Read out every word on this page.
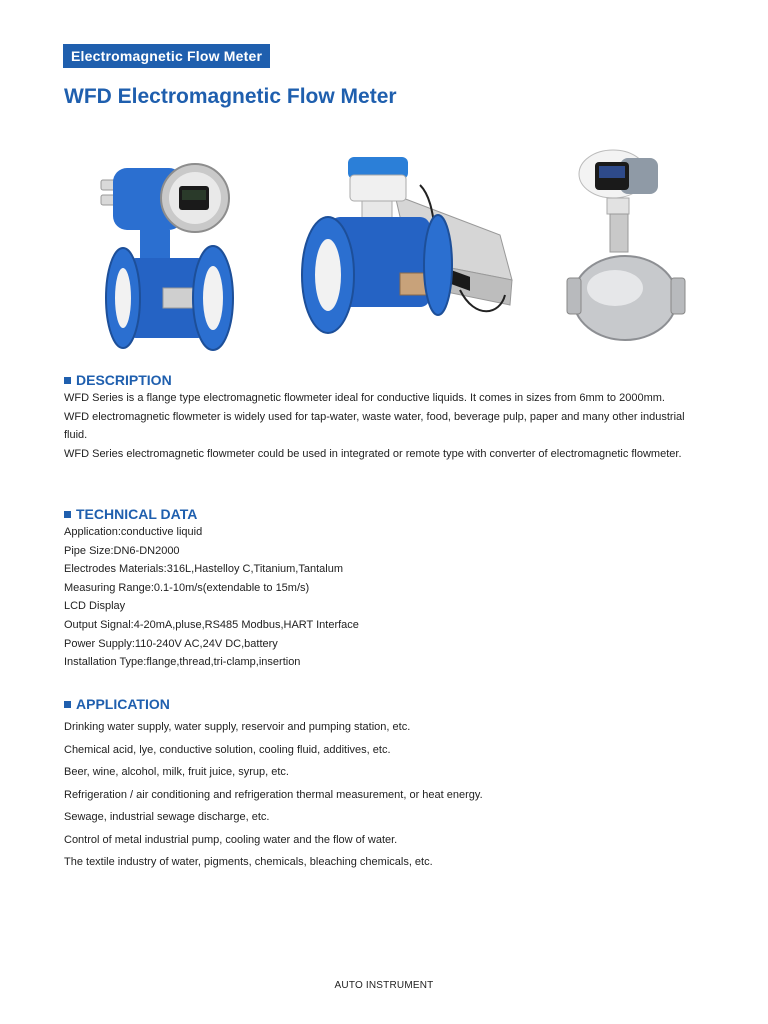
Electromagnetic Flow Meter
WFD Electromagnetic Flow Meter
DESCRIPTION

WFD Series is a flange type electromagnetic flowmeter ideal for conductive liquids. It comes in sizes from 6mm to 2000mm.

WFD electromagnetic flowmeter is widely used for tap-water, waste water, food, beverage pulp, paper and many other industrial fluid.

WFD Series electromagnetic flowmeter could be used in integrated or remote type with converter of electromagnetic flowmeter.

TECHNICAL DATA
Application:conductive liquid
Pipe Size:DN6-DN2000
Electrodes Materials:316L,Hastelloy C,Titanium,Tantalum
Measuring Range:0.1-10m/s(extendable to 15m/s)
LCD Display
Output Signal:4-20mA,pluse,RS485 Modbus,HART Interface
Power Supply:110-240V AC,24V DC,battery
Installation Type:flange,thread,tri-clamp,insertion
APPLICATION
Drinking water supply, water supply, reservoir and pumping station, etc.
Chemical acid, lye, conductive solution, cooling fluid, additives, etc.
Beer, wine, alcohol, milk, fruit juice, syrup, etc.
Refrigeration / air conditioning and refrigeration thermal measurement, or heat energy.
Sewage, industrial sewage discharge, etc.
Control of metal industrial pump, cooling water and the flow of water.
The textile industry of water, pigments, chemicals, bleaching chemicals, etc.
AUTO INSTRUMENT
